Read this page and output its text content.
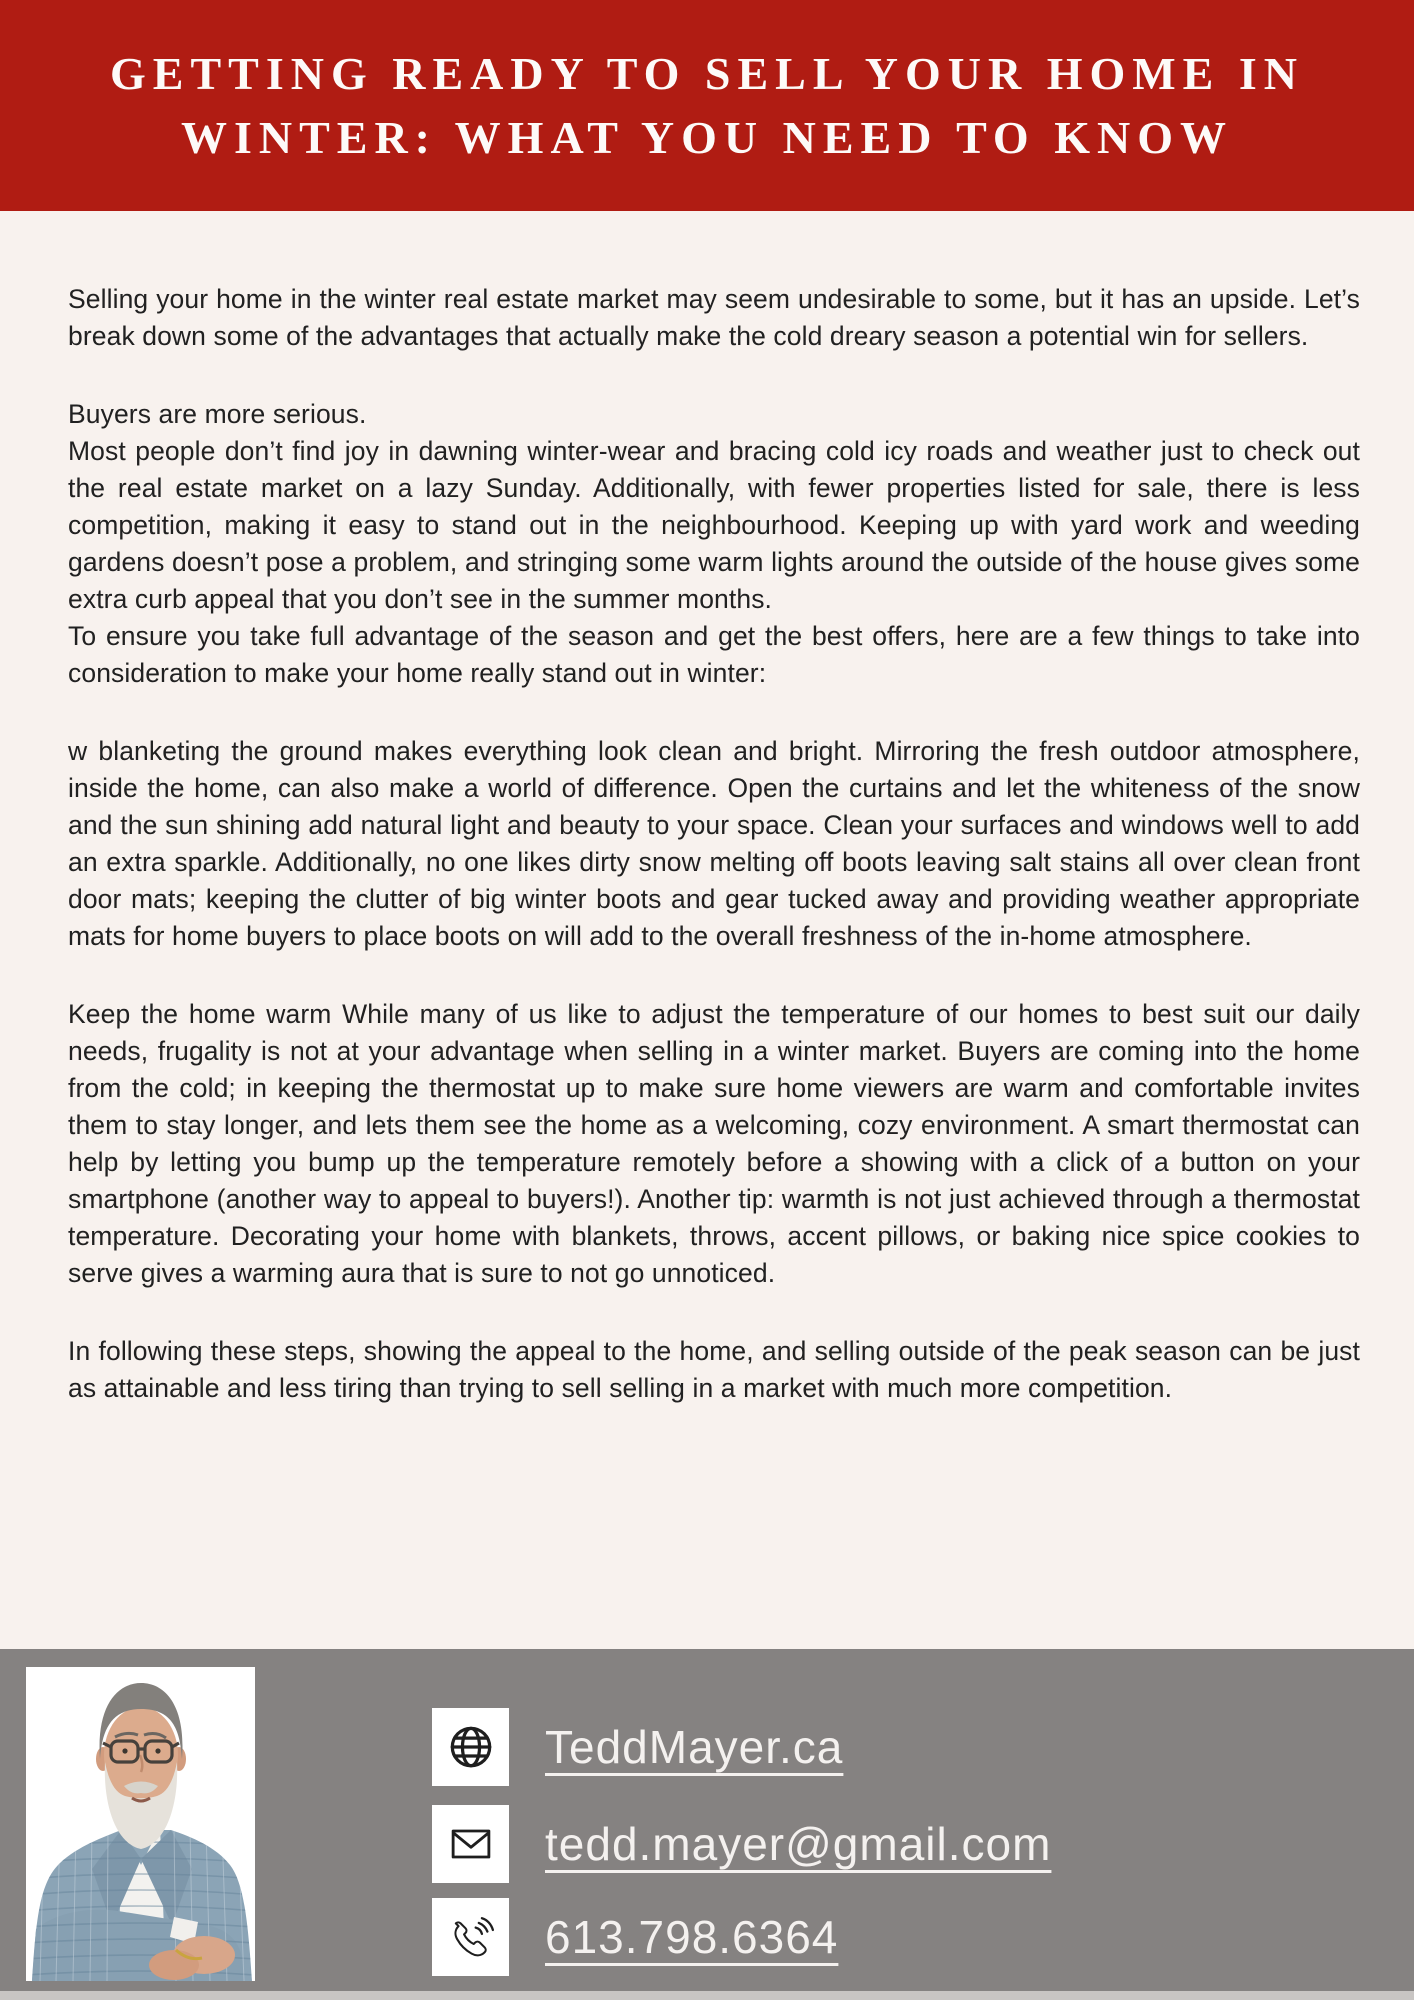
GETTING READY TO SELL YOUR HOME IN
WINTER: WHAT YOU NEED TO KNOW

Selling your home in the winter real estate market may seem undesirable to some, but it has an upside. Let’s break down some of the advantages that actually make the cold dreary season a potential win for sellers.

Buyers are more serious.

Most people don’t find joy in dawning winter-wear and bracing cold icy roads and weather just to check out the real estate market on a lazy Sunday. Additionally, with fewer properties listed for sale, there is less competition, making it easy to stand out in the neighbourhood. Keeping up with yard work and weeding gardens doesn’t pose a problem, and stringing some warm lights around the outside of the house gives some extra curb appeal that you don’t see in the summer months.

To ensure you take full advantage of the season and get the best offers, here are a few things to take into consideration to make your home really stand out in winter:

w blanketing the ground makes everything look clean and bright. Mirroring the fresh outdoor atmosphere, inside the home, can also make a world of difference. Open the curtains and let the whiteness of the snow and the sun shining add natural light and beauty to your space. Clean your surfaces and windows well to add an extra sparkle. Additionally, no one likes dirty snow melting off boots leaving salt stains all over clean front door mats; keeping the clutter of big winter boots and gear tucked away and providing weather appropriate mats for home buyers to place boots on will add to the overall freshness of the in-home atmosphere.

Keep the home warm While many of us like to adjust the temperature of our homes to best suit our daily needs, frugality is not at your advantage when selling in a winter market. Buyers are coming into the home from the cold; in keeping the thermostat up to make sure home viewers are warm and comfortable invites them to stay longer, and lets them see the home as a welcoming, cozy environment. A smart thermostat can help by letting you bump up the temperature remotely before a showing with a click of a button on your smartphone (another way to appeal to buyers!). Another tip: warmth is not just achieved through a thermostat temperature. Decorating your home with blankets, throws, accent pillows, or baking nice spice cookies to serve gives a warming aura that is sure to not go unnoticed.

In following these steps, showing the appeal to the home, and selling outside of the peak season can be just as attainable and less tiring than trying to sell selling in a market with much more competition.

TeddMayer.ca
tedd.mayer@gmail.com
613.798.6364
